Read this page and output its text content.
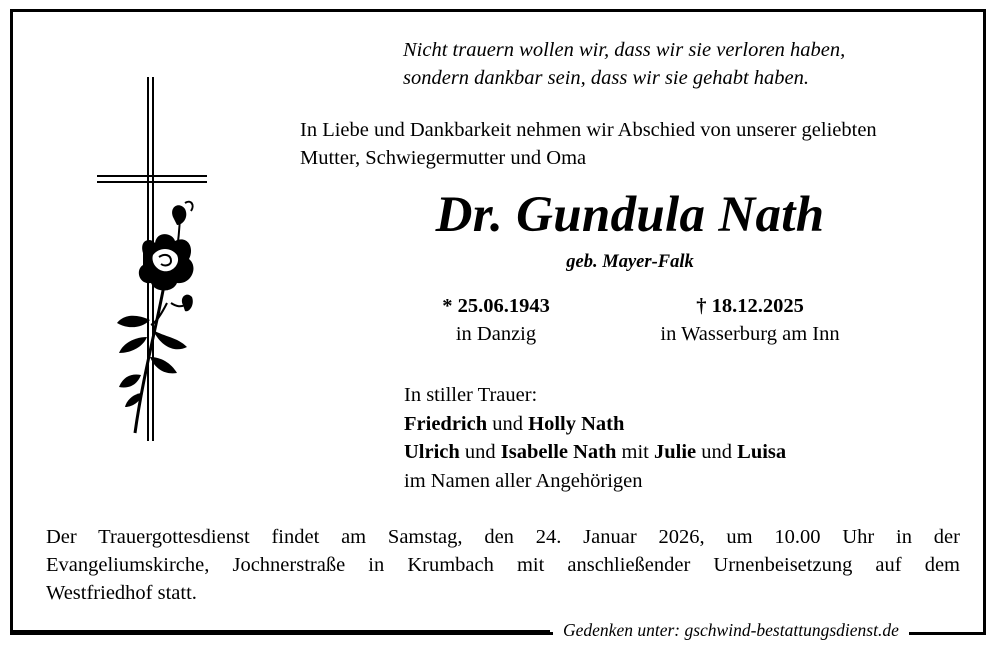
Nicht trauern wollen wir, dass wir sie verloren haben,
sondern dankbar sein, dass wir sie gehabt haben.
In Liebe und Dankbarkeit nehmen wir Abschied von unserer geliebten
Mutter, Schwiegermutter und Oma
Dr. Gundula Nath
geb. Mayer-Falk
* 25.06.1943
in Danzig
† 18.12.2025
in Wasserburg am Inn
In stiller Trauer:
Friedrich und Holly Nath
Ulrich und Isabelle Nath mit Julie und Luisa
im Namen aller Angehörigen

Der Trauergottesdienst findet am Samstag, den 24. Januar 2026, um 10.00 Uhr in der

Evangeliumskirche, Jochnerstraße in Krumbach mit anschließender Urnenbeisetzung auf dem

Westfriedhof statt.

Gedenken unter: gschwind-bestattungsdienst.de
